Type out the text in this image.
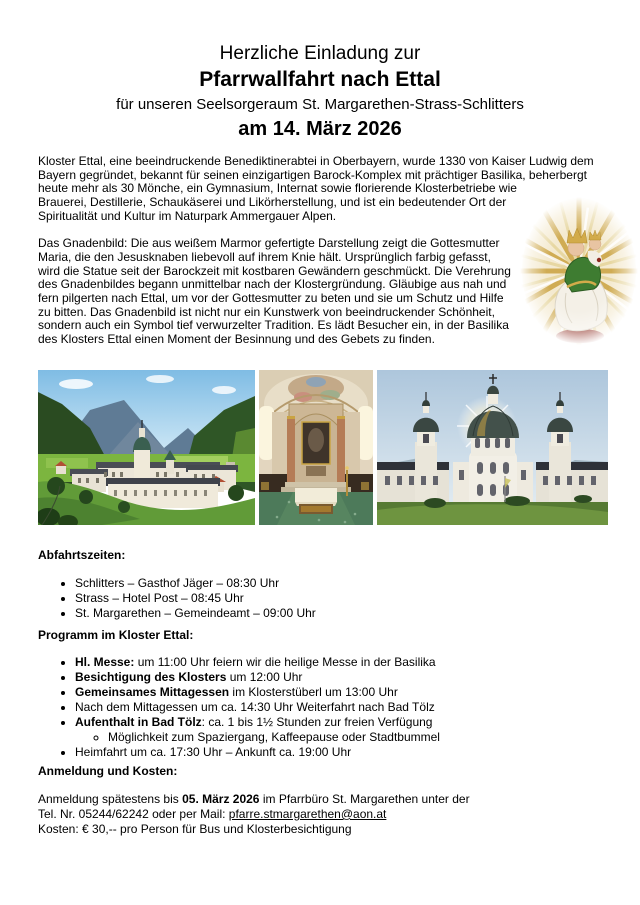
Herzliche Einladung zur
Pfarrwallfahrt nach Ettal
für unseren Seelsorgeraum St. Margarethen-Strass-Schlitters
am 14. März 2026

Kloster Ettal, eine beeindruckende Benediktinerabtei in Oberbayern, wurde 1330 von Kaiser Ludwig dem Bayern gegründet, bekannt für seinen einzigartigen Barock-Komplex mit prächtiger Basilika, beherbergt heute mehr als 30 Mönche, ein Gymnasium, Internat sowie florierende Klosterbetriebe wie Brauerei, Destillerie, Schaukäserei und Likörherstellung, und ist ein bedeutender Ort der Spiritualität und Kultur im Naturpark Ammergauer Alpen.

Das Gnadenbild: Die aus weißem Marmor gefertigte Darstellung zeigt die Gottesmutter Maria, die den Jesusknaben liebevoll auf ihrem Knie hält. Ursprünglich farbig gefasst, wird die Statue seit der Barockzeit mit kostbaren Gewändern geschmückt. Die Verehrung des Gnadenbildes begann unmittelbar nach der Klostergründung. Gläubige aus nah und fern pilgerten nach Ettal, um vor der Gottesmutter zu beten und sie um Schutz und Hilfe zu bitten. Das Gnadenbild ist nicht nur ein Kunstwerk von beeindruckender Schönheit, sondern auch ein Symbol tief verwurzelter Tradition. Es lädt Besucher ein, in der Basilika des Klosters Ettal einen Moment der Besinnung und des Gebets zu finden.

Abfahrtszeiten:
• Schlitters – Gasthof Jäger – 08:30 Uhr
• Strass – Hotel Post – 08:45 Uhr
• St. Margarethen – Gemeindeamt – 09:00 Uhr
Programm im Kloster Ettal:
• Hl. Messe: um 11:00 Uhr feiern wir die heilige Messe in der Basilika
• Besichtigung des Klosters um 12:00 Uhr
• Gemeinsames Mittagessen im Klosterstüberl um 13:00 Uhr
• Nach dem Mittagessen um ca. 14:30 Uhr Weiterfahrt nach Bad Tölz
• Aufenthalt in Bad Tölz: ca. 1 bis 1½ Stunden zur freien Verfügung
◦ Möglichkeit zum Spaziergang, Kaffeepause oder Stadtbummel
• Heimfahrt um ca. 17:30 Uhr – Ankunft ca. 19:00 Uhr
Anmeldung und Kosten:

Anmeldung spätestens bis 05. März 2026 im Pfarrbüro St. Margarethen unter der
Tel. Nr. 05244/62242 oder per Mail: pfarre.stmargarethen@aon.at
Kosten: € 30,-- pro Person für Bus und Klosterbesichtigung
